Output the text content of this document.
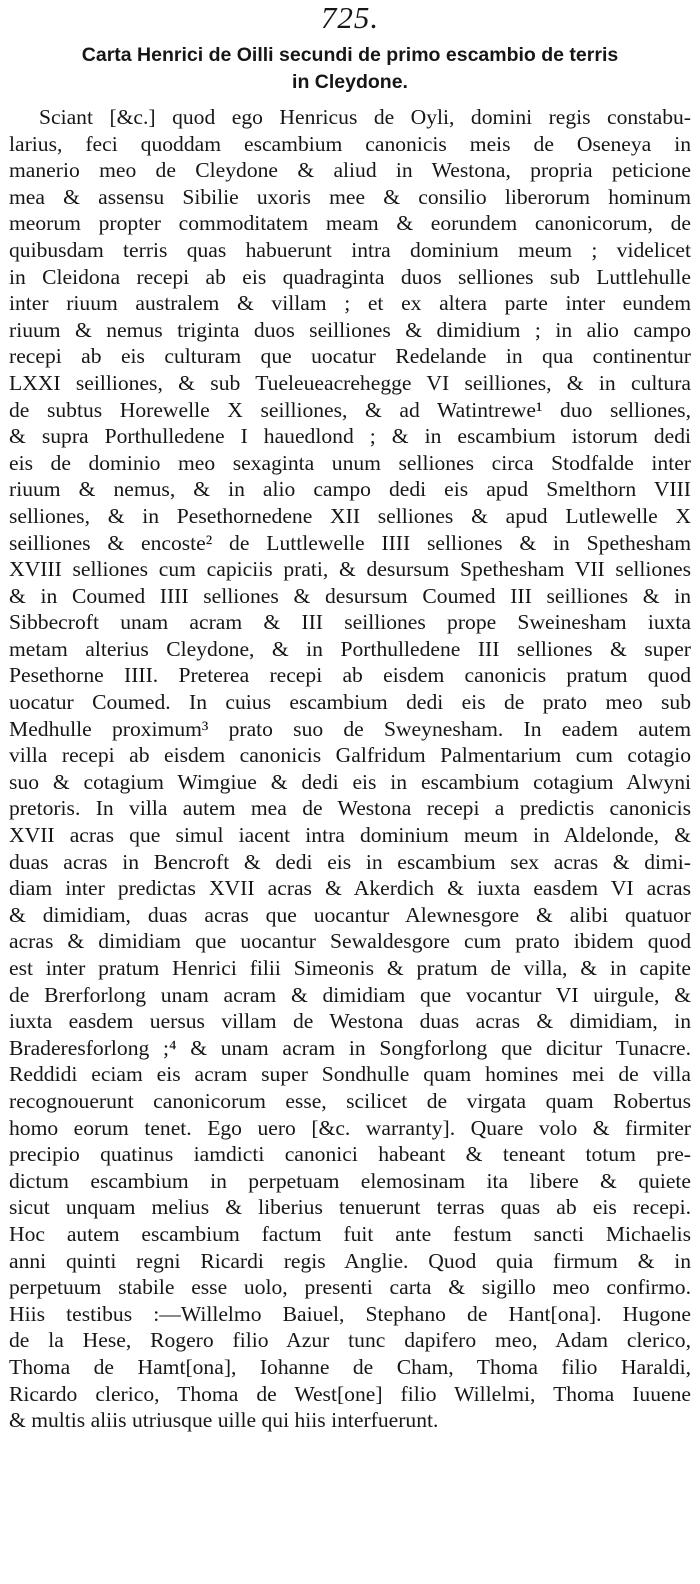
725.
Carta Henrici de Oilli secundi de primo escambio de terris
in Cleydone.
Sciant [&c.] quod ego Henricus de Oyli, domini regis constabu-
larius, feci quoddam escambium canonicis meis de Oseneya in
manerio meo de Cleydone & aliud in Westona, propria peticione
mea & assensu Sibilie uxoris mee & consilio liberorum hominum
meorum propter commoditatem meam & eorundem canonicorum, de
quibusdam terris quas habuerunt intra dominium meum ; videlicet
in Cleidona recepi ab eis quadraginta duos selliones sub Luttlehulle
inter riuum australem & villam ; et ex altera parte inter eundem
riuum & nemus triginta duos seilliones & dimidium ; in alio campo
recepi ab eis culturam que uocatur Redelande in qua continentur
LXXI seilliones, & sub Tueleueacrehegge VI seilliones, & in cultura
de subtus Horewelle X seilliones, & ad Watintrewe¹ duo selliones,
& supra Porthulledene I hauedlond ; & in escambium istorum dedi
eis de dominio meo sexaginta unum selliones circa Stodfalde inter
riuum & nemus, & in alio campo dedi eis apud Smelthorn VIII
selliones, & in Pesethornedene XII selliones & apud Lutlewelle X
seilliones & encoste² de Luttlewelle IIII selliones & in Spethesham
XVIII selliones cum capiciis prati, & desursum Spethesham VII selliones
& in Coumed IIII selliones & desursum Coumed III seilliones & in
Sibbecroft unam acram & III seilliones prope Sweinesham iuxta
metam alterius Cleydone, & in Porthulledene III selliones & super
Pesethorne IIII. Preterea recepi ab eisdem canonicis pratum quod
uocatur Coumed. In cuius escambium dedi eis de prato meo sub
Medhulle proximum³ prato suo de Sweynesham. In eadem autem
villa recepi ab eisdem canonicis Galfridum Palmentarium cum cotagio
suo & cotagium Wimgiue & dedi eis in escambium cotagium Alwyni
pretoris. In villa autem mea de Westona recepi a predictis canonicis
XVII acras que simul iacent intra dominium meum in Aldelonde, &
duas acras in Bencroft & dedi eis in escambium sex acras & dimi-
diam inter predictas XVII acras & Akerdich & iuxta easdem VI acras
& dimidiam, duas acras que uocantur Alewnesgore & alibi quatuor
acras & dimidiam que uocantur Sewaldesgore cum prato ibidem quod
est inter pratum Henrici filii Simeonis & pratum de villa, & in capite
de Brerforlong unam acram & dimidiam que vocantur VI uirgule, &
iuxta easdem uersus villam de Westona duas acras & dimidiam, in
Braderesforlong ;⁴ & unam acram in Songforlong que dicitur Tunacre.
Reddidi eciam eis acram super Sondhulle quam homines mei de villa
recognouerunt canonicorum esse, scilicet de virgata quam Robertus
homo eorum tenet. Ego uero [&c. warranty]. Quare volo & firmiter
precipio quatinus iamdicti canonici habeant & teneant totum pre-
dictum escambium in perpetuam elemosinam ita libere & quiete
sicut unquam melius & liberius tenuerunt terras quas ab eis recepi.
Hoc autem escambium factum fuit ante festum sancti Michaelis
anni quinti regni Ricardi regis Anglie. Quod quia firmum & in
perpetuum stabile esse uolo, presenti carta & sigillo meo confirmo.
Hiis testibus :—Willelmo Baiuel, Stephano de Hant[ona]. Hugone
de la Hese, Rogero filio Azur tunc dapifero meo, Adam clerico,
Thoma de Hamt[ona], Iohanne de Cham, Thoma filio Haraldi,
Ricardo clerico, Thoma de West[one] filio Willelmi, Thoma Iuuene
& multis aliis utriusque uille qui hiis interfuerunt.
